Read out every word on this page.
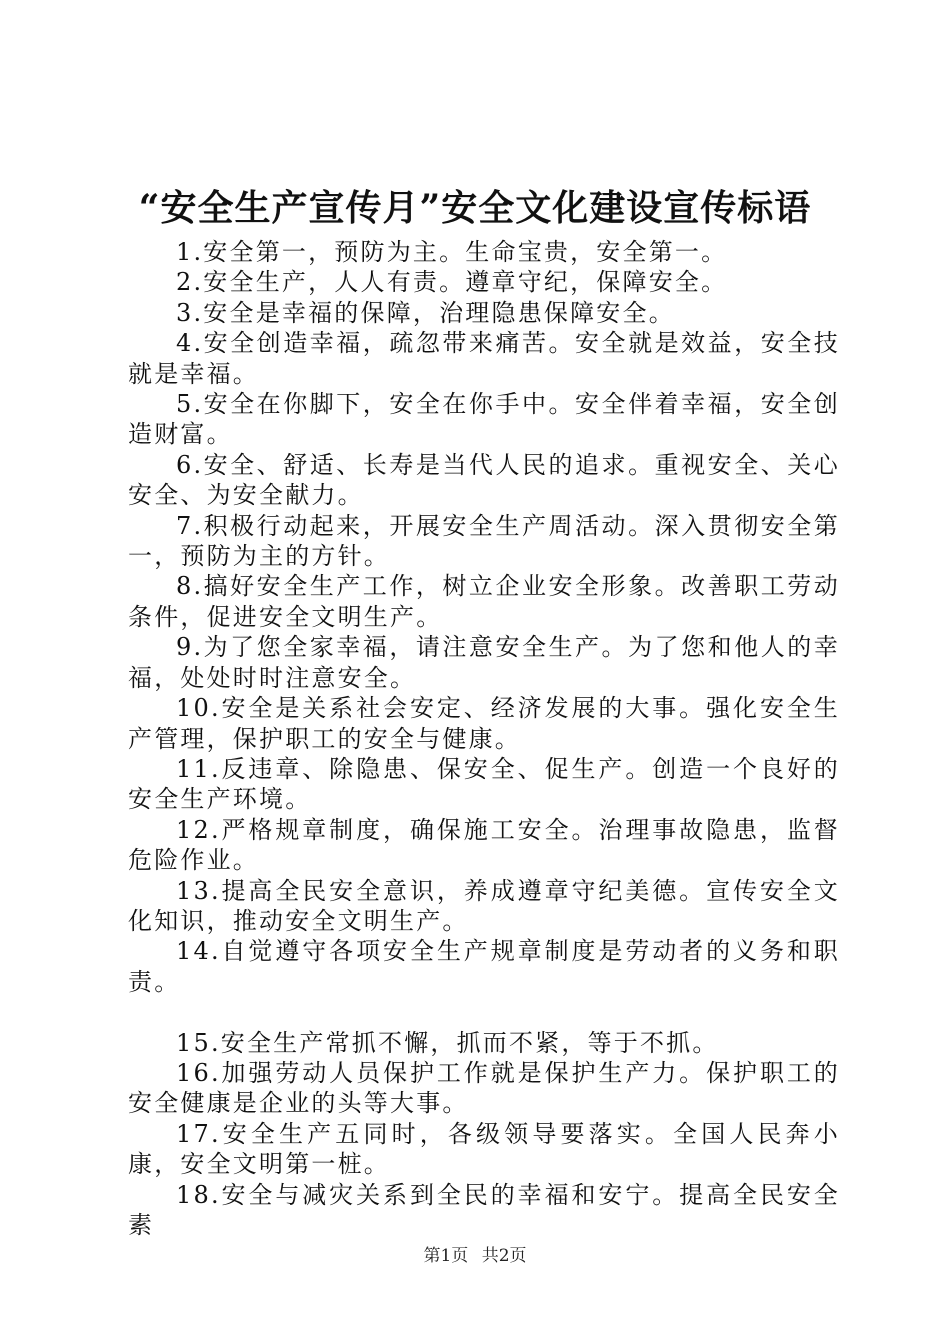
“安全生产宣传月”安全文化建设宣传标语

1.安全第一，预防为主。生命宝贵，安全第一。

2.安全生产，人人有责。遵章守纪，保障安全。

3.安全是幸福的保障，治理隐患保障安全。

4.安全创造幸福，疏忽带来痛苦。安全就是效益，安全技就是幸福。

5.安全在你脚下，安全在你手中。安全伴着幸福，安全创造财富。

6.安全、舒适、长寿是当代人民的追求。重视安全、关心安全、为安全献力。

7.积极行动起来，开展安全生产周活动。深入贯彻安全第一，预防为主的方针。

8.搞好安全生产工作，树立企业安全形象。改善职工劳动条件，促进安全文明生产。

9.为了您全家幸福，请注意安全生产。为了您和他人的幸福，处处时时注意安全。

10.安全是关系社会安定、经济发展的大事。强化安全生产管理，保护职工的安全与健康。

11.反违章、除隐患、保安全、促生产。创造一个良好的安全生产环境。

12.严格规章制度，确保施工安全。治理事故隐患，监督危险作业。

13.提高全民安全意识，养成遵章守纪美德。宣传安全文化知识，推动安全文明生产。

14.自觉遵守各项安全生产规章制度是劳动者的义务和职责。

15.安全生产常抓不懈，抓而不紧，等于不抓。

16.加强劳动人员保护工作就是保护生产力。保护职工的安全健康是企业的头等大事。

17.安全生产五同时，各级领导要落实。全国人民奔小康，安全文明第一桩。

18.安全与减灾关系到全民的幸福和安宁。提高全民安全素

第1页 共2页
